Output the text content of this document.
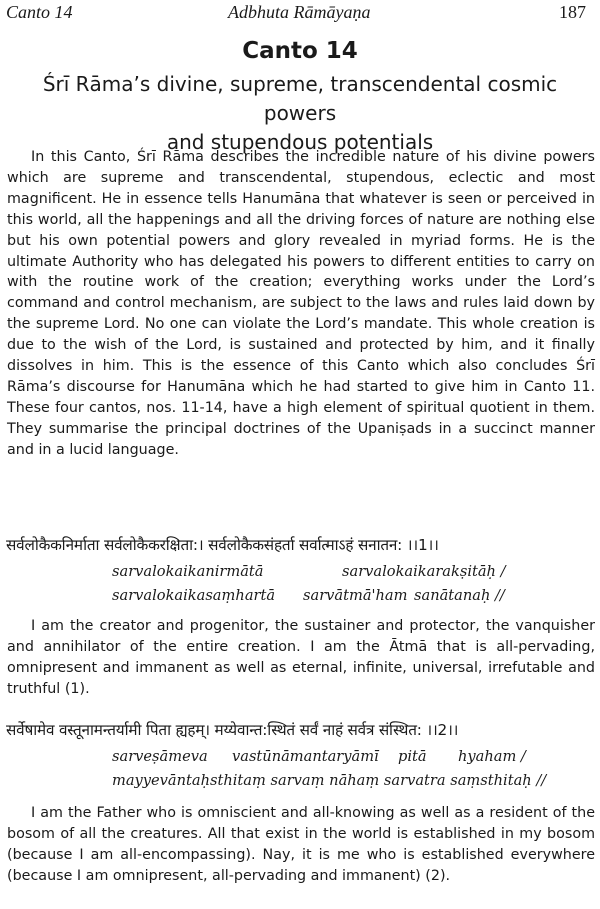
Canto 14	Adbhuta Rāmāyaṇa	187
Canto 14
Śrī Rāma’s divine, supreme, transcendental cosmic powers
and stupendous potentials

In this Canto, Śrī Rāma describes the incredible nature of his divine powers which are supreme and transcendental, stupendous, eclectic and most magnificent. He in essence tells Hanumāna that whatever is seen or perceived in this world, all the happenings and all the driving forces of nature are nothing else but his own potential powers and glory revealed in myriad forms. He is the ultimate Authority who has delegated his powers to different entities to carry on with the routine work of the creation; everything works under the Lord’s command and control mechanism, are subject to the laws and rules laid down by the supreme Lord. No one can violate the Lord’s mandate. This whole creation is due to the wish of the Lord, is sustained and protected by him, and it finally dissolves in him. This is the essence of this Canto which also concludes Śrī Rāma’s discourse for Hanumāna which he had started to give him in Canto 11. These four cantos, nos. 11-14, have a high element of spiritual quotient in them. They summarise the principal doctrines of the Upaniṣads in a succinct manner and in a lucid language.

सर्वलोकैकनिर्माता सर्वलोकैकरक्षिता:। सर्वलोकैकसंहर्ता सर्वात्माऽहं सनातन: ।।1।।
sarvalokaikanirmātā	sarvalokaikarakṣitāḥ /
sarvalokaikasaṃhartā sarvātmā'ham sanātanaḥ //

I am the creator and progenitor, the sustainer and protector, the vanquisher and annihilator of the entire creation. I am the Ātmā that is all-pervading, omnipresent and immanent as well as eternal, infinite, universal, irrefutable and truthful (1).

सर्वेषामेव वस्तूनामन्तर्यामी पिता ह्यहम्। मय्येवान्त:स्थितं सर्वं नाहं सर्वत्र संस्थित: ।।2।।
sarveṣāmeva vastūnāmantaryāmī pitā hyaham /
mayyevāntaḥsthitaṃ sarvaṃ nāhaṃ sarvatra saṃsthitaḥ //

I am the Father who is omniscient and all-knowing as well as a resident of the bosom of all the creatures. All that exist in the world is established in my bosom (because I am all-encompassing). Nay, it is me who is established everywhere (because I am omnipresent, all-pervading and immanent) (2).
